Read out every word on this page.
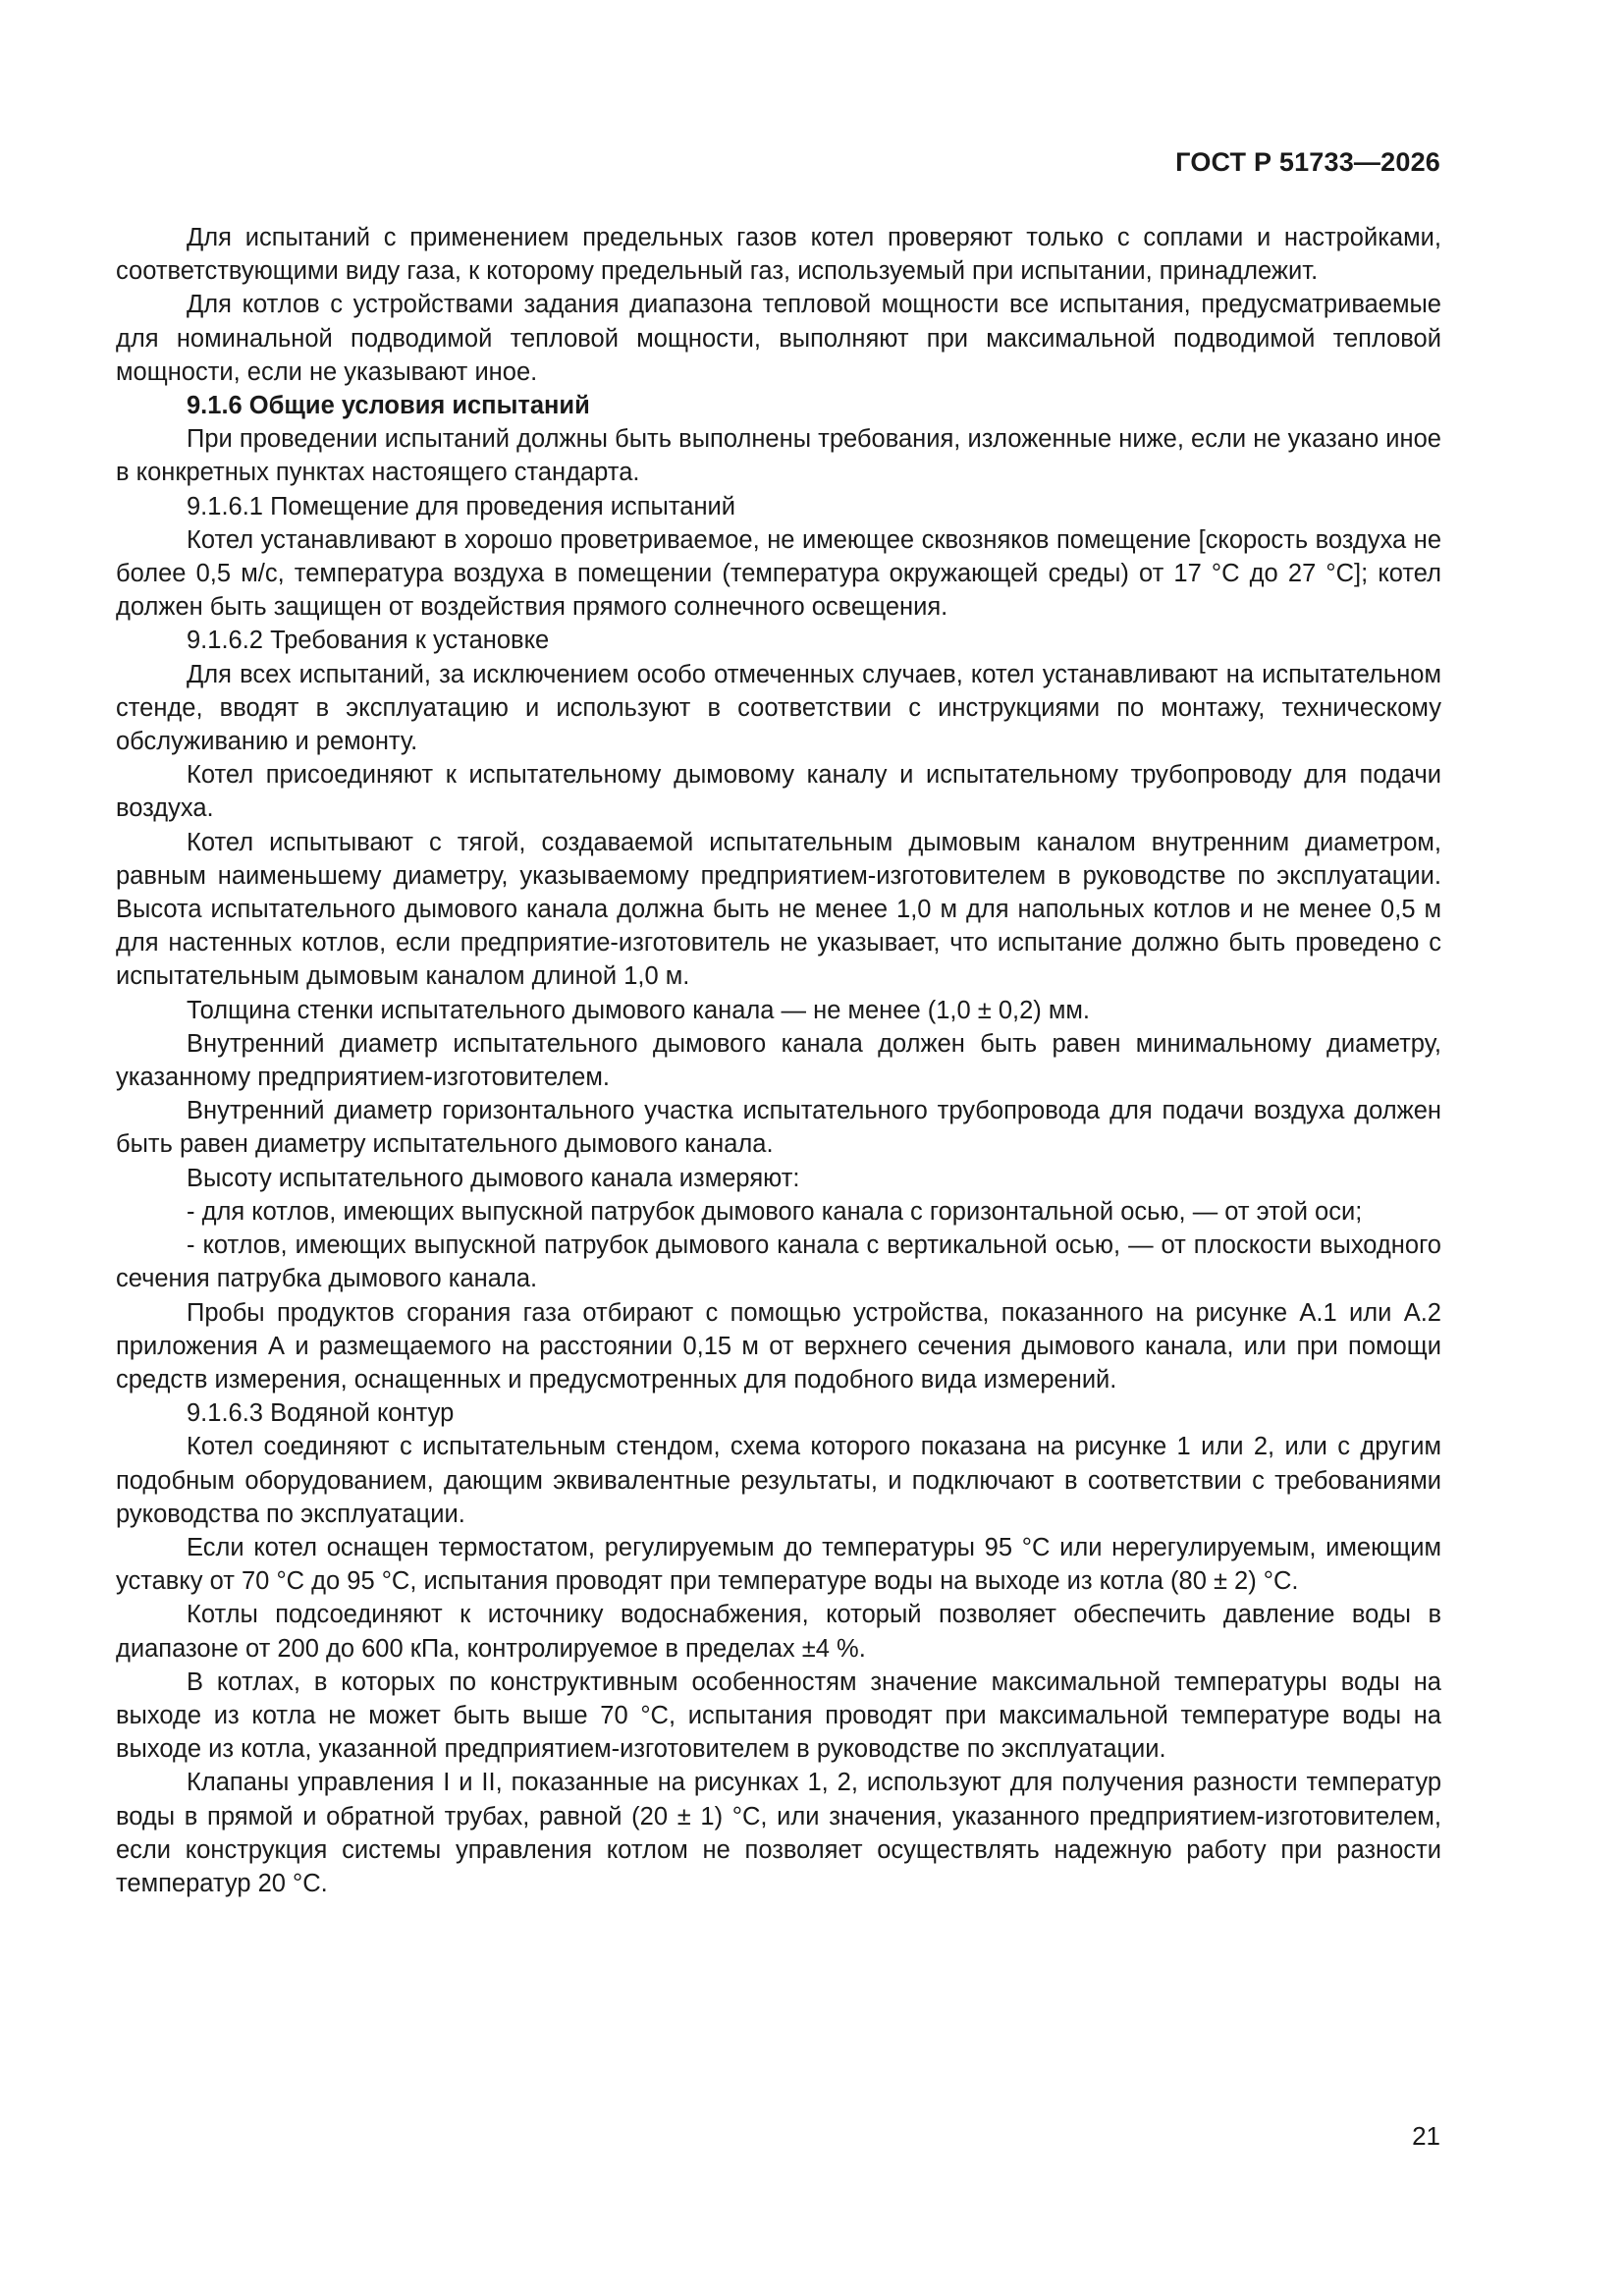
ГОСТ Р 51733—2026

Для испытаний с применением предельных газов котел проверяют только с соплами и настройками, соответствующими виду газа, к которому предельный газ, используемый при испытании, принадлежит.

Для котлов с устройствами задания диапазона тепловой мощности все испытания, предусматриваемые для номинальной подводимой тепловой мощности, выполняют при максимальной подводимой тепловой мощности, если не указывают иное.

9.1.6 Общие условия испытаний

При проведении испытаний должны быть выполнены требования, изложенные ниже, если не указано иное в конкретных пунктах настоящего стандарта.

9.1.6.1 Помещение для проведения испытаний

Котел устанавливают в хорошо проветриваемое, не имеющее сквозняков помещение [скорость воздуха не более 0,5 м/с, температура воздуха в помещении (температура окружающей среды) от 17 °С до 27 °С]; котел должен быть защищен от воздействия прямого солнечного освещения.

9.1.6.2 Требования к установке

Для всех испытаний, за исключением особо отмеченных случаев, котел устанавливают на испытательном стенде, вводят в эксплуатацию и используют в соответствии с инструкциями по монтажу, техническому обслуживанию и ремонту.

Котел присоединяют к испытательному дымовому каналу и испытательному трубопроводу для подачи воздуха.

Котел испытывают с тягой, создаваемой испытательным дымовым каналом внутренним диаметром, равным наименьшему диаметру, указываемому предприятием-изготовителем в руководстве по эксплуатации. Высота испытательного дымового канала должна быть не менее 1,0 м для напольных котлов и не менее 0,5 м для настенных котлов, если предприятие-изготовитель не указывает, что испытание должно быть проведено с испытательным дымовым каналом длиной 1,0 м.

Толщина стенки испытательного дымового канала — не менее (1,0 ± 0,2) мм.

Внутренний диаметр испытательного дымового канала должен быть равен минимальному диаметру, указанному предприятием-изготовителем.

Внутренний диаметр горизонтального участка испытательного трубопровода для подачи воздуха должен быть равен диаметру испытательного дымового канала.

Высоту испытательного дымового канала измеряют:

- для котлов, имеющих выпускной патрубок дымового канала с горизонтальной осью, — от этой оси;

- котлов, имеющих выпускной патрубок дымового канала с вертикальной осью, — от плоскости выходного сечения патрубка дымового канала.

Пробы продуктов сгорания газа отбирают с помощью устройства, показанного на рисунке А.1 или А.2 приложения А и размещаемого на расстоянии 0,15 м от верхнего сечения дымового канала, или при помощи средств измерения, оснащенных и предусмотренных для подобного вида измерений.

9.1.6.3 Водяной контур

Котел соединяют с испытательным стендом, схема которого показана на рисунке 1 или 2, или с другим подобным оборудованием, дающим эквивалентные результаты, и подключают в соответствии с требованиями руководства по эксплуатации.

Если котел оснащен термостатом, регулируемым до температуры 95 °С или нерегулируемым, имеющим уставку от 70 °С до 95 °С, испытания проводят при температуре воды на выходе из котла (80 ± 2) °С.

Котлы подсоединяют к источнику водоснабжения, который позволяет обеспечить давление воды в диапазоне от 200 до 600 кПа, контролируемое в пределах ±4 %.

В котлах, в которых по конструктивным особенностям значение максимальной температуры воды на выходе из котла не может быть выше 70 °С, испытания проводят при максимальной температуре воды на выходе из котла, указанной предприятием-изготовителем в руководстве по эксплуатации.

Клапаны управления I и II, показанные на рисунках 1, 2, используют для получения разности температур воды в прямой и обратной трубах, равной (20 ± 1) °С, или значения, указанного предприятием-изготовителем, если конструкция системы управления котлом не позволяет осуществлять надежную работу при разности температур 20 °С.

21
